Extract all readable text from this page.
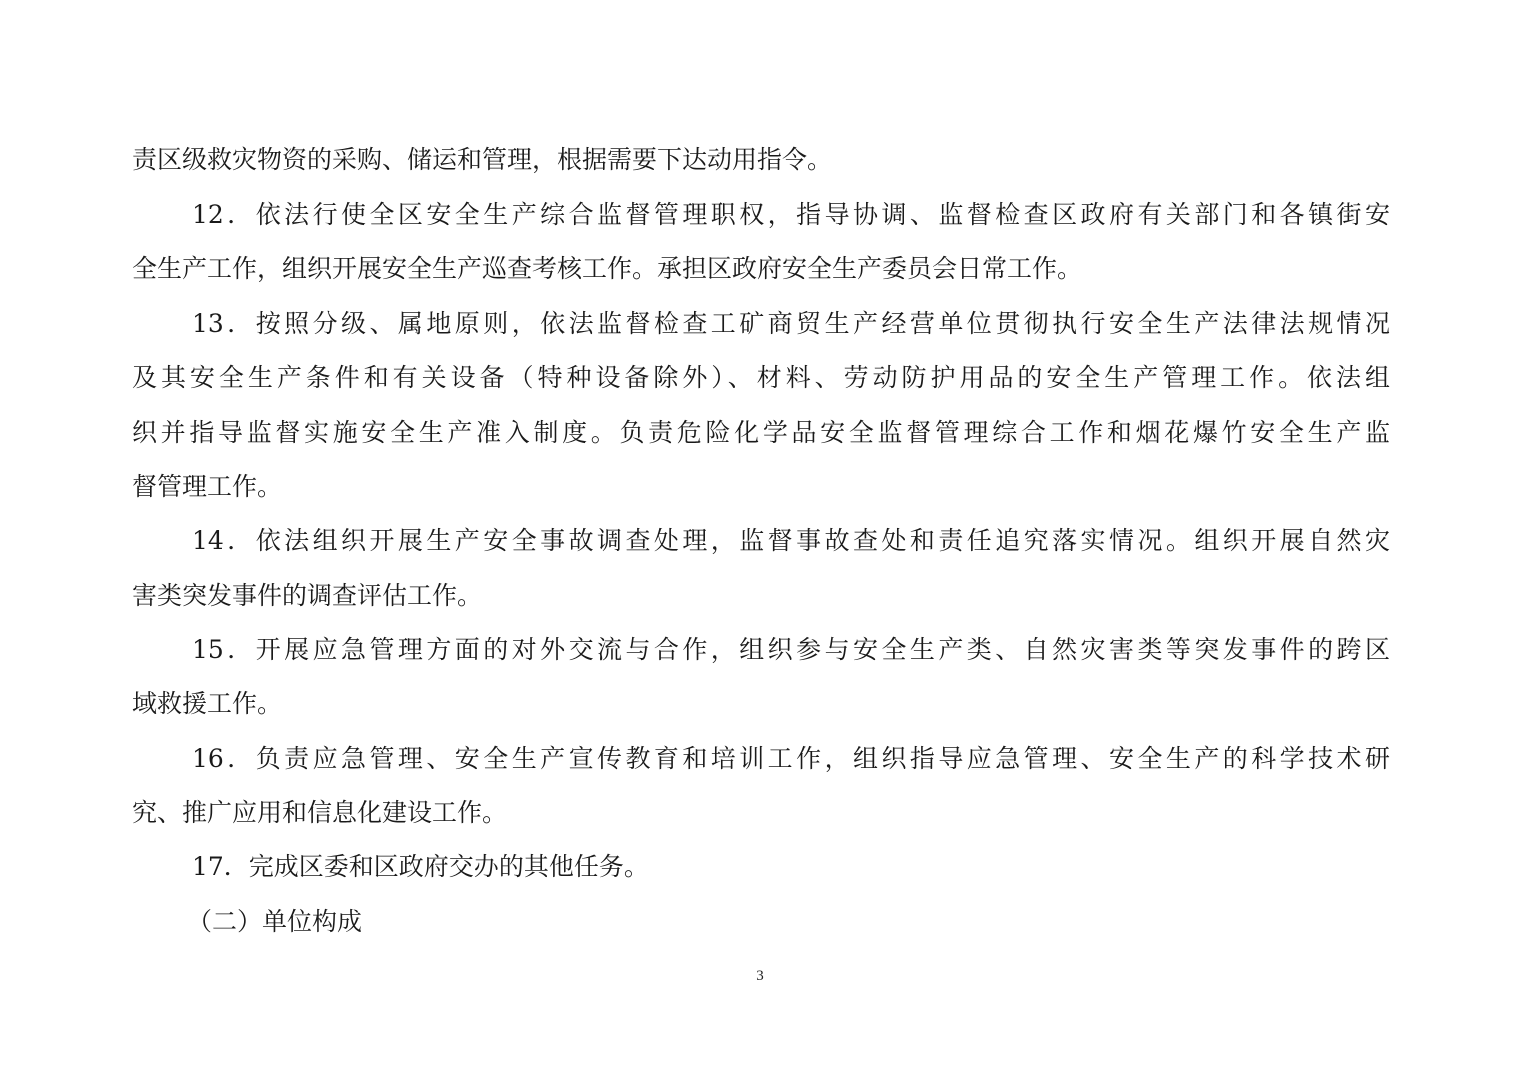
责区级救灾物资的采购、储运和管理，根据需要下达动用指令。
12．依法行使全区安全生产综合监督管理职权，指导协调、监督检查区政府有关部门和各镇街安
全生产工作，组织开展安全生产巡查考核工作。承担区政府安全生产委员会日常工作。
13．按照分级、属地原则，依法监督检查工矿商贸生产经营单位贯彻执行安全生产法律法规情况
及其安全生产条件和有关设备（特种设备除外）、材料、劳动防护用品的安全生产管理工作。依法组
织并指导监督实施安全生产准入制度。负责危险化学品安全监督管理综合工作和烟花爆竹安全生产监
督管理工作。
14．依法组织开展生产安全事故调查处理，监督事故查处和责任追究落实情况。组织开展自然灾
害类突发事件的调查评估工作。
15．开展应急管理方面的对外交流与合作，组织参与安全生产类、自然灾害类等突发事件的跨区
域救援工作。
16．负责应急管理、安全生产宣传教育和培训工作，组织指导应急管理、安全生产的科学技术研
究、推广应用和信息化建设工作。
17．完成区委和区政府交办的其他任务。
（二）单位构成
3
